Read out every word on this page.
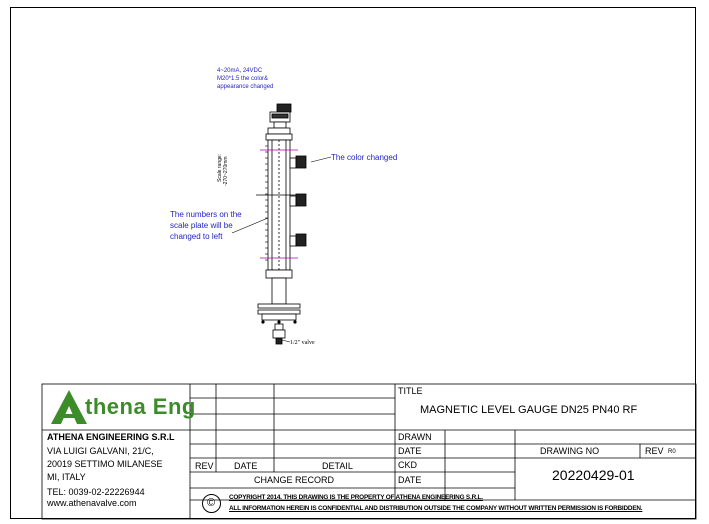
4~20mA, 24VDC
M20*1.5 the color&
appearance changed
The color changed
The numbers on the
scale plate will be
changed to left
Scale range: -270~270mm
1/2" valve
thena Eng
ATHENA ENGINEERING S.R.L
VIA LUIGI GALVANI, 21/C,
20019 SETTIMO MILANESE
MI, ITALY
TEL: 0039-02-22226944
www.athenavalve.com
REV DATE	DETAIL
CHANGE RECORD
TITLE
MAGNETIC LEVEL GAUGE DN25 PN40 RF
DRAWN
DATE
CKD
DATE
DRAWING NO	REV R0
20220429-01
© COPYRIGHT 2014. THIS DRAWING IS THE PROPERTY OF ATHENA ENGINEERING S.R.L.
ALL INFORMATION HEREIN IS CONFIDENTIAL AND DISTRIBUTION OUTSIDE THE COMPANY WITHOUT WRITTEN PERMISSION IS FORBIDDEN.
